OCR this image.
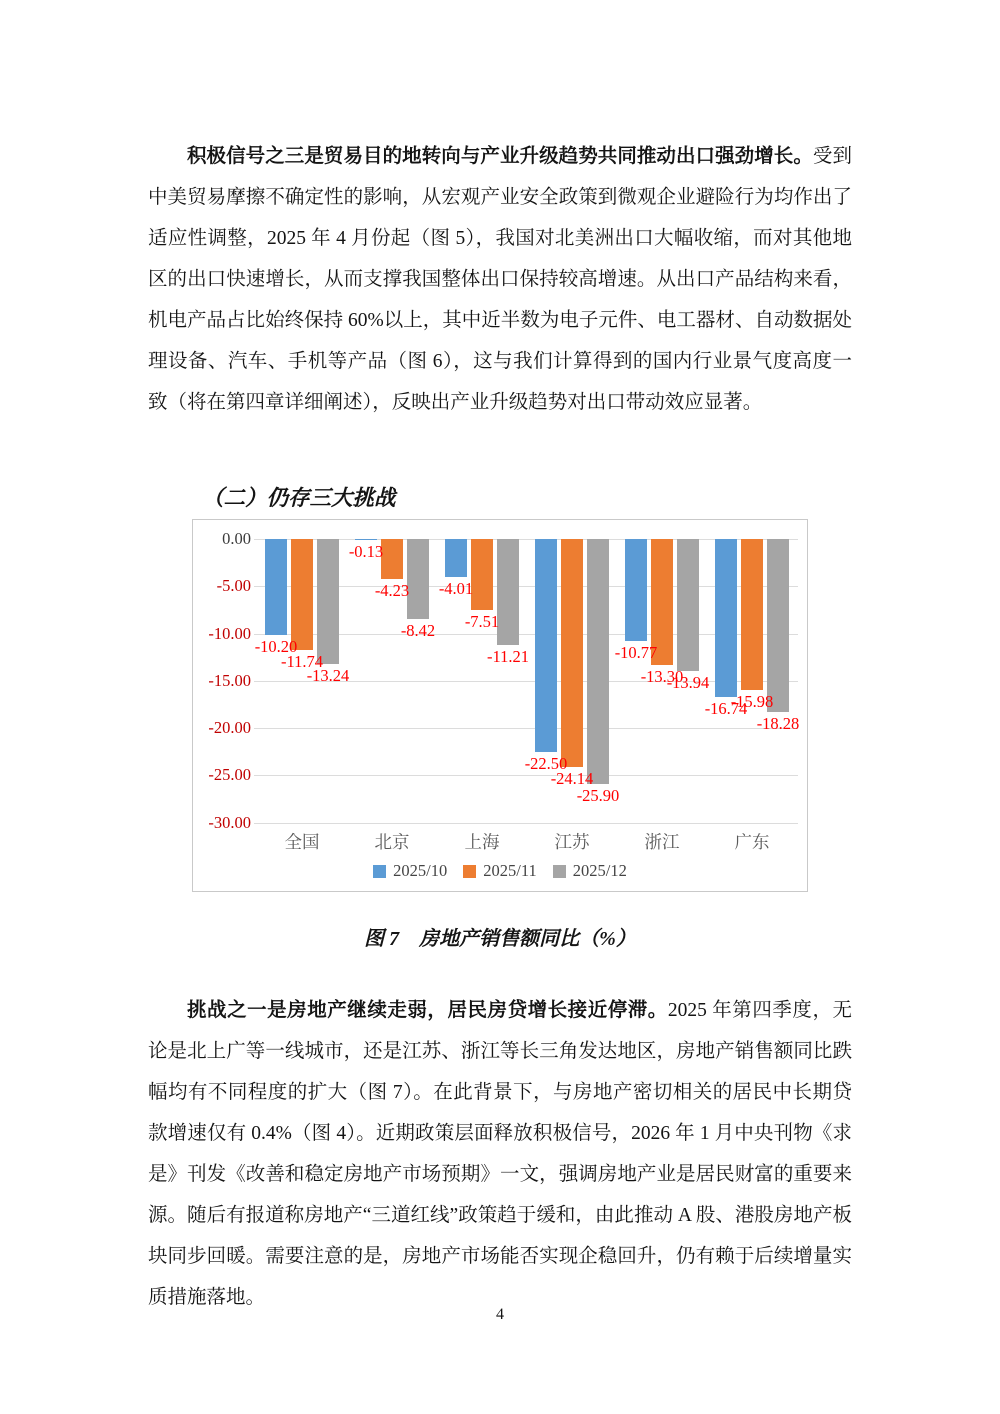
积极信号之三是贸易目的地转向与产业升级趋势共同推动出口强劲增长。受到中美贸易摩擦不确定性的影响，从宏观产业安全政策到微观企业避险行为均作出了适应性调整，2025 年 4 月份起（图 5），我国对北美洲出口大幅收缩，而对其他地区的出口快速增长，从而支撑我国整体出口保持较高增速。从出口产品结构来看，机电产品占比始终保持 60%以上，其中近半数为电子元件、电工器材、自动数据处理设备、汽车、手机等产品（图 6），这与我们计算得到的国内行业景气度高度一致（将在第四章详细阐述），反映出产业升级趋势对出口带动效应显著。

（二）仍存三大挑战
0.00
-5.00
-10.00
-15.00
-20.00
-25.00
-30.00
全国	北京	上海	江苏	浙江	广东
-10.20
-11.74
-13.24
-0.13
-4.23
-8.42
-4.01
-7.51
-11.21
-22.50
-24.14
-25.90
-10.77
-13.30
-13.94
-16.74
-15.98
-18.28
2025/10 2025/11 2025/12
图 7　房地产销售额同比（%）

挑战之一是房地产继续走弱，居民房贷增长接近停滞。2025 年第四季度，无论是北上广等一线城市，还是江苏、浙江等长三角发达地区，房地产销售额同比跌幅均有不同程度的扩大（图 7）。在此背景下，与房地产密切相关的居民中长期贷款增速仅有 0.4%（图 4）。近期政策层面释放积极信号，2026 年 1 月中央刊物《求是》刊发《改善和稳定房地产市场预期》一文，强调房地产业是居民财富的重要来源。随后有报道称房地产“三道红线”政策趋于缓和，由此推动 A 股、港股房地产板块同步回暖。需要注意的是，房地产市场能否实现企稳回升，仍有赖于后续增量实质措施落地。

4
